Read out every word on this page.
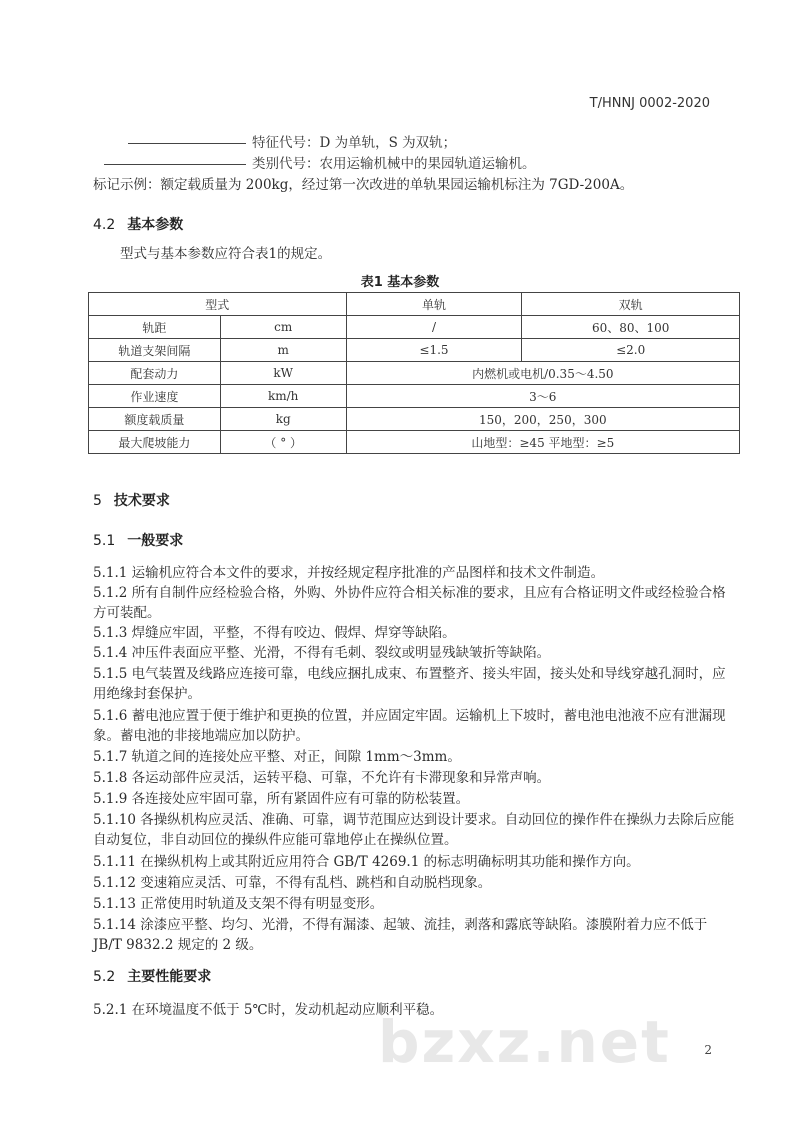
T/HNNJ 0002-2020
特征代号：D 为单轨，S 为双轨；
类别代号：农用运输机械中的果园轨道运输机。
标记示例：额定载质量为 200kg，经过第一次改进的单轨果园运输机标注为 7GD-200A。
4.2 基本参数
型式与基本参数应符合表1的规定。
表1 基本参数
型式		单轨	双轨
轨距	cm	/	60、80、100
轨道支架间隔	m	≤1.5	≤2.0
配套动力	kW	内燃机或电机/0.35～4.50	
作业速度	km/h	3～6	
额度载质量	kg	150，200，250，300	
最大爬坡能力	（ ° ）	山地型：≥45 平地型：≥5	
5 技术要求
5.1 一般要求
5.1.1 运输机应符合本文件的要求，并按经规定程序批准的产品图样和技术文件制造。
5.1.2 所有自制件应经检验合格，外购、外协件应符合相关标准的要求，且应有合格证明文件或经检验合格方可装配。
5.1.3 焊缝应牢固，平整，不得有咬边、假焊、焊穿等缺陷。
5.1.4 冲压件表面应平整、光滑，不得有毛刺、裂纹或明显残缺皱折等缺陷。
5.1.5 电气装置及线路应连接可靠，电线应捆扎成束、布置整齐、接头牢固，接头处和导线穿越孔洞时，应用绝缘封套保护。
5.1.6 蓄电池应置于便于维护和更换的位置，并应固定牢固。运输机上下坡时，蓄电池电池液不应有泄漏现象。蓄电池的非接地端应加以防护。
5.1.7 轨道之间的连接处应平整、对正，间隙 1mm～3mm。
5.1.8 各运动部件应灵活，运转平稳、可靠，不允许有卡滞现象和异常声响。
5.1.9 各连接处应牢固可靠，所有紧固件应有可靠的防松装置。
5.1.10 各操纵机构应灵活、准确、可靠，调节范围应达到设计要求。自动回位的操作件在操纵力去除后应能自动复位，非自动回位的操纵件应能可靠地停止在操纵位置。
5.1.11 在操纵机构上或其附近应用符合 GB/T 4269.1 的标志明确标明其功能和操作方向。
5.1.12 变速箱应灵活、可靠，不得有乱档、跳档和自动脱档现象。
5.1.13 正常使用时轨道及支架不得有明显变形。
5.1.14 涂漆应平整、均匀、光滑，不得有漏漆、起皱、流挂，剥落和露底等缺陷。漆膜附着力应不低于 JB/T 9832.2 规定的 2 级。
5.2 主要性能要求
5.2.1 在环境温度不低于 5℃时，发动机起动应顺利平稳。
bzxz.net	2
